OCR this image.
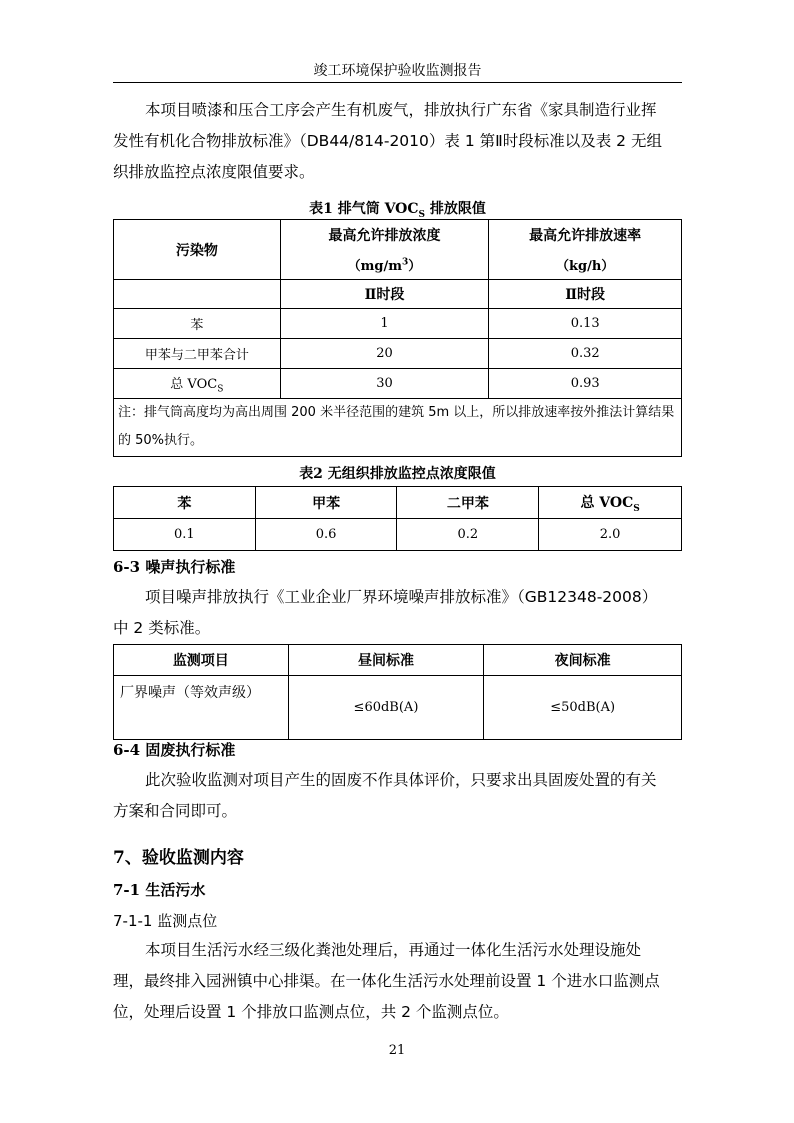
竣工环境保护验收监测报告

本项目喷漆和压合工序会产生有机废气，排放执行广东省《家具制造行业挥发性有机化合物排放标准》（DB44/814-2010）表 1 第Ⅱ时段标准以及表 2 无组织排放监控点浓度限值要求。

表1 排气筒 $VOC_S$ 排放限值
污染物	最高允许排放浓度	最高允许排放速率
	$(mg/m^3)$	（kg/h）
	Ⅱ时段	Ⅱ时段
苯	1	0.13
甲苯与二甲苯合计	20	0.32
总 $VOC_S$	30	0.93
注：排气筒高度均为高出周围 200 米半径范围的建筑 5m 以上，所以排放速率按外推法计算结果的 50%执行。
表2 无组织排放监控点浓度限值
苯	甲苯	二甲苯	总 $VOC_S$
0.1	0.6	0.2	2.0
6-3 噪声执行标准

项目噪声排放执行《工业企业厂界环境噪声排放标准》（GB12348-2008）中 2 类标准。

监测项目	昼间标准	夜间标准
厂界噪声（等效声级）	≤60dB(A)	≤50dB(A)
6-4 固废执行标准

此次验收监测对项目产生的固废不作具体评价，只要求出具固废处置的有关方案和合同即可。

7、验收监测内容
7-1 生活污水
7-1-1 监测点位

本项目生活污水经三级化粪池处理后，再通过一体化生活污水处理设施处理，最终排入园洲镇中心排渠。在一体化生活污水处理前设置 1 个进水口监测点位，处理后设置 1 个排放口监测点位，共 2 个监测点位。

21
